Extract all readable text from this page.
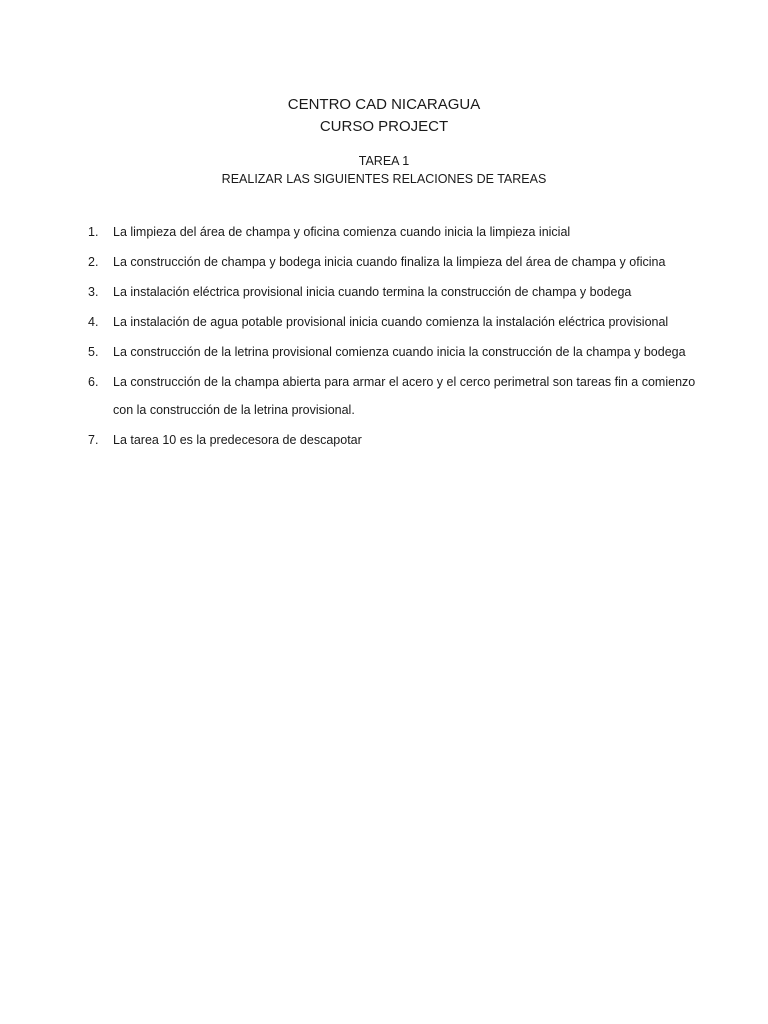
CENTRO CAD NICARAGUA

CURSO PROJECT

TAREA 1

REALIZAR LAS SIGUIENTES RELACIONES DE TAREAS

1. La limpieza del área de champa y oficina comienza cuando inicia la limpieza inicial
2. La construcción de champa y bodega inicia cuando finaliza la limpieza del área de champa y oficina
3. La instalación eléctrica provisional inicia cuando termina la construcción de champa y bodega
4. La instalación de agua potable provisional inicia cuando comienza la instalación eléctrica provisional
5. La construcción de la letrina provisional comienza cuando inicia la construcción de la champa y bodega
6. La construcción de la champa abierta para armar el acero y el cerco perimetral son tareas fin a comienzo con la construcción de la letrina provisional.
7. La tarea 10 es la predecesora de descapotar
